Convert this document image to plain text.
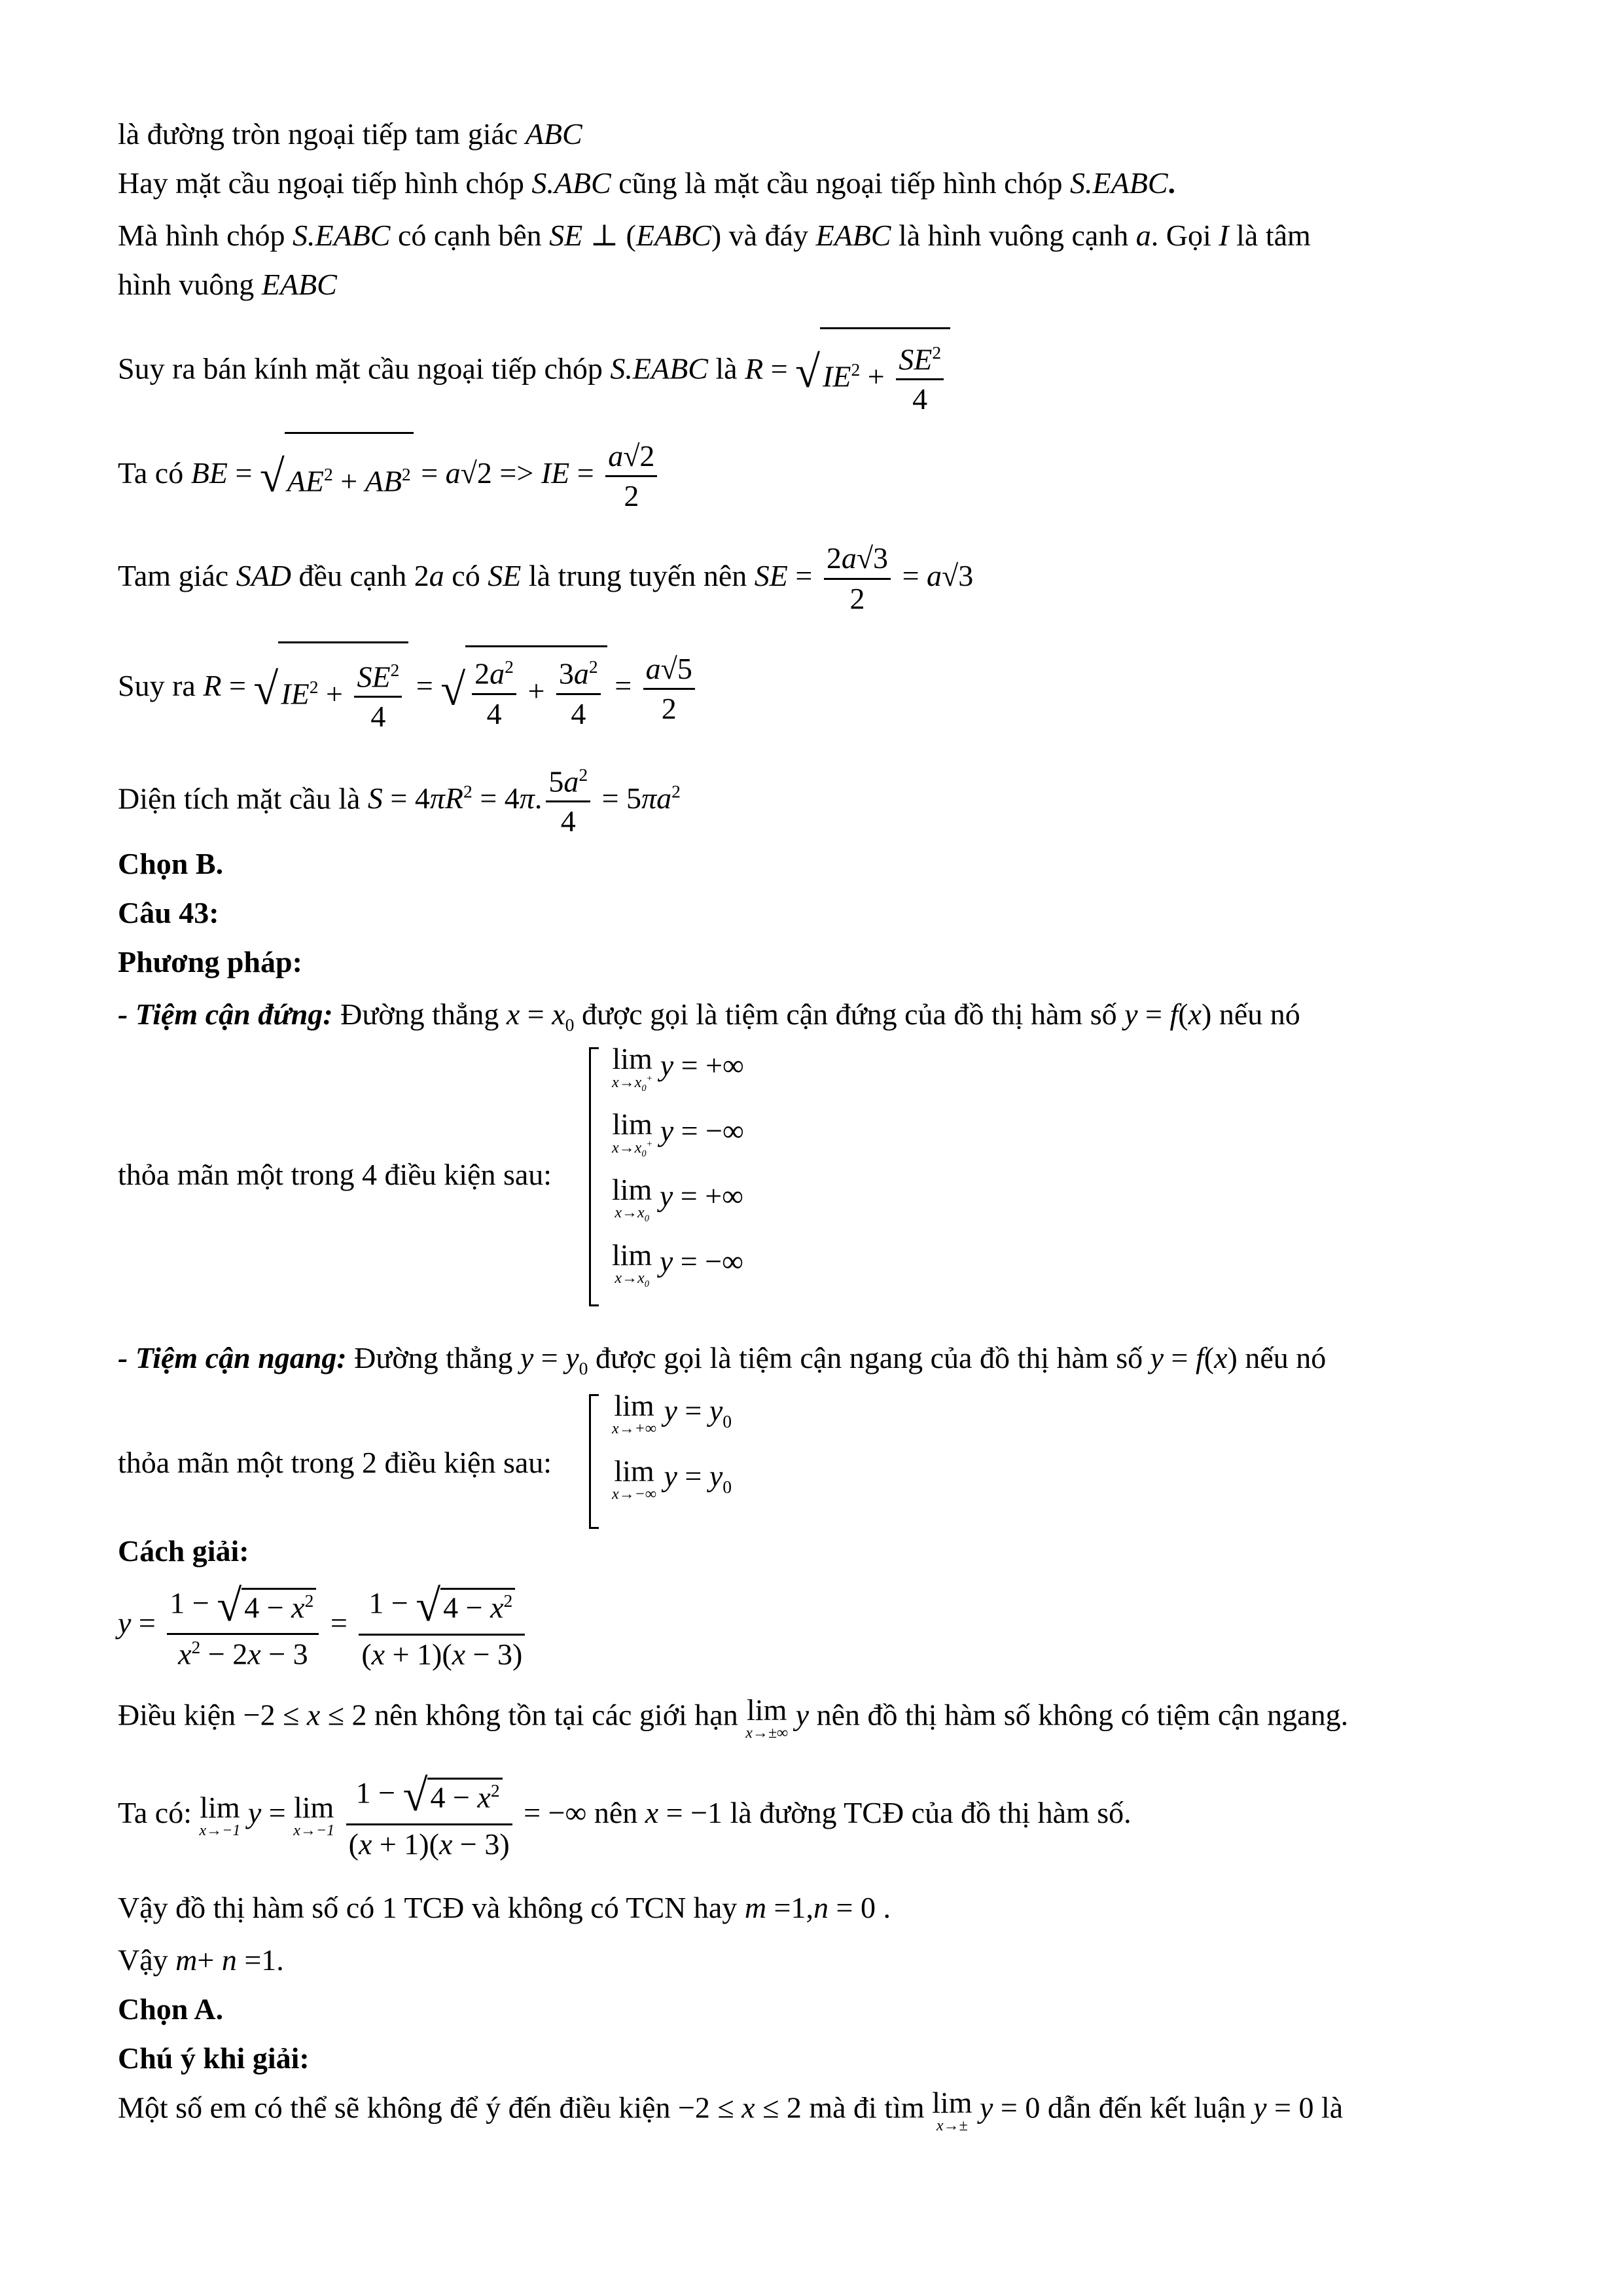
là đường tròn ngoại tiếp tam giác ABC
Hay mặt cầu ngoại tiếp hình chóp S.ABC cũng là mặt cầu ngoại tiếp hình chóp S.EABC.
Mà hình chóp S.EABC có cạnh bên SE ⊥ (EABC) và đáy EABC là hình vuông cạnh a. Gọi I là tâm
hình vuông EABC
Suy ra bán kính mặt cầu ngoại tiếp chóp S.EABC là $R = √IE^2 + \frac{SE^2}{4}$
Ta có BE = $√AE^2 + AB^2 = a√2$ => IE = $\frac{a√2}{2}$
Tam giác SAD đều cạnh 2a có SE là trung tuyến nên SE = $\frac{2a√3}{2} = a√3$
Suy ra $R = √IE^2 + \frac{SE^2}{4}$ = √ $\frac{2a^2}{4} + \frac{3a^2}{4} = \frac{a√5}{2}$
Diện tích mặt cầu là $S = 4\pi R^2 = 4\pi$. $\frac{5a^2}{4} = 5\pi a^2$
Chọn B.
Câu 43:
Phương pháp:
- Tiệm cận đứng: Đường thẳng $x = x_0$ được gọi là tiệm cận đứng của đồ thị hàm số y = f(x) nếu nó
thỏa mãn một trong 4 điều kiện sau:
lim
$x\to x_0^+$ y = +∞
lim
$x\to x_0^+$ y = −∞
lim
$x\to x_0$
y = +∞
lim
$x\to x_0$
y = −∞
- Tiệm cận ngang: Đường thẳng $y = y_0$ được gọi là tiệm cận ngang của đồ thị hàm số y = f(x) nếu nó
thỏa mãn một trong 2 điều kiện sau:
lim
x→+∞
$y = y_0$
lim
x→−∞
$y = y_0$
Cách giải:
$y = \frac{1 - √4 - x^2}{x^2 - 2x - 3} = \frac{1 - √4 - x^2}{(x + 1)(x - 3)}$
Điều kiện −2 ≤ x ≤ 2 nên không tồn tại các giới hạn lim
x→±∞
y nên đồ thị hàm số không có tiệm cận ngang.
Ta có: lim
x→−1
y = lim
x→−1
$\frac{1 - √4 - x^2}{(x + 1)(x - 3)}$ = −∞ nên x = −1 là đường TCĐ của đồ thị hàm số.
Vậy đồ thị hàm số có 1 TCĐ và không có TCN hay m =1,n = 0 .
Vậy m+ n =1.
Chọn A.
Chú ý khi giải:
Một số em có thể sẽ không để ý đến điều kiện −2 ≤ x ≤ 2 mà đi tìm lim
x→±
y = 0 dẫn đến kết luận y = 0 là
